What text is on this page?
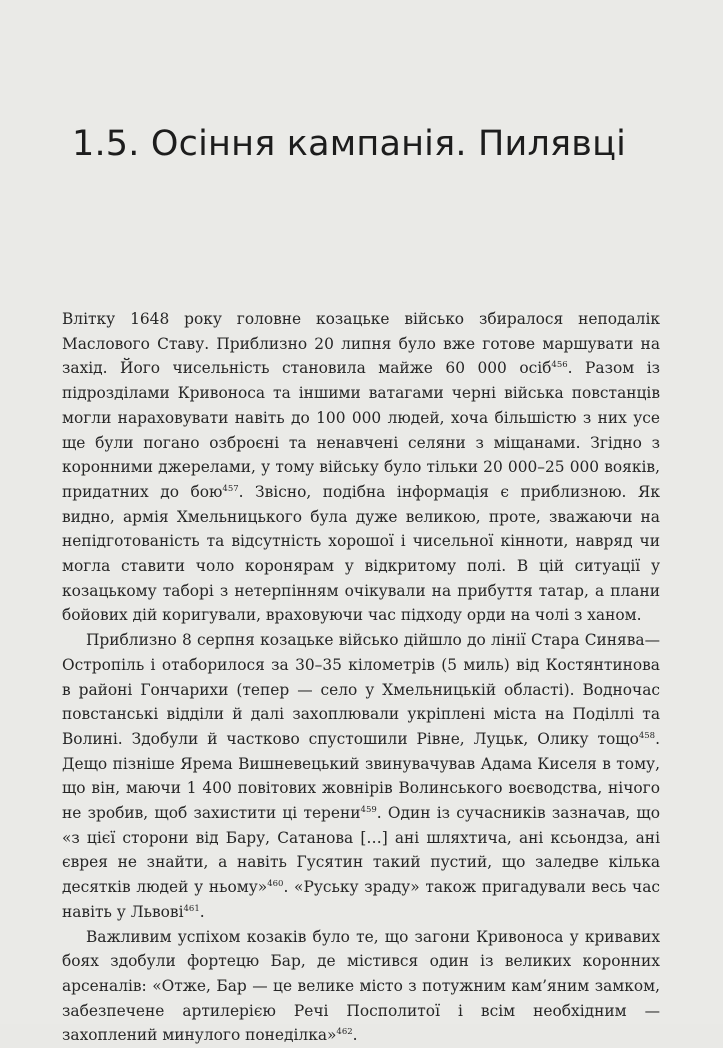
1.5. Осіння кампанія. Пилявці

Влітку 1648 року головне козацьке військо збиралося неподалік Маслового Ставу. Приблизно 20 липня було вже готове маршувати на захід. Його чисельність становила майже 60 000 осіб$^{456}$. Разом із підрозділами Кривоноса та іншими ватагами черні війська повстанців могли нараховувати навіть до 100 000 людей, хоча більшістю з них усе ще були погано озброєні та ненавчені селяни з міщанами. Згідно з коронними джерелами, у тому війську було тільки 20 000–25 000 вояків, придатних до бою$^{457}$. Звісно, подібна інформація є приблизною. Як видно, армія Хмельницького була дуже великою, проте, зважаючи на непідготованість та відсутність хорошої і чисельної кінноти, навряд чи могла ставити чоло коронярам у відкритому полі. В цій ситуації у козацькому таборі з нетерпінням очікували на прибуття татар, а плани бойових дій коригували, враховуючи час підходу орди на чолі з ханом.

Приблизно 8 серпня козацьке військо дійшло до лінії Стара Синява—Остропіль і отаборилося за 30–35 кілометрів (5 миль) від Костянтинова в районі Гончарихи (тепер — село у Хмельницькій області). Водночас повстанські відділи й далі захоплювали укріплені міста на Поділлі та Волині. Здобули й частково спустошили Рівне, Луцьк, Олику тощо$^{458}$. Дещо пізніше Ярема Вишневецький звинувачував Адама Киселя в тому, що він, маючи 1 400 повітових жовнірів Волинського воєводства, нічого не зробив, щоб захистити ці терени$^{459}$. Один із сучасників зазначав, що «з цієї сторони від Бару, Сатанова […] ані шляхтича, ані ксьондза, ані єврея не знайти, а навіть Гусятин такий пустий, що заледве кілька десятків людей у ньому»$^{460}$. «Руську зраду» також пригадували весь час навіть у Львові$^{461}$.

Важливим успіхом козаків було те, що загони Кривоноса у кривавих боях здобули фортецю Бар, де містився один із великих коронних арсеналів: «Отже, Бар — це велике місто з потужним кам’яним замком, забезпечене артилерією Речі Посполитої і всім необхідним — захоплений минулого понеділка»$^{462}$.
